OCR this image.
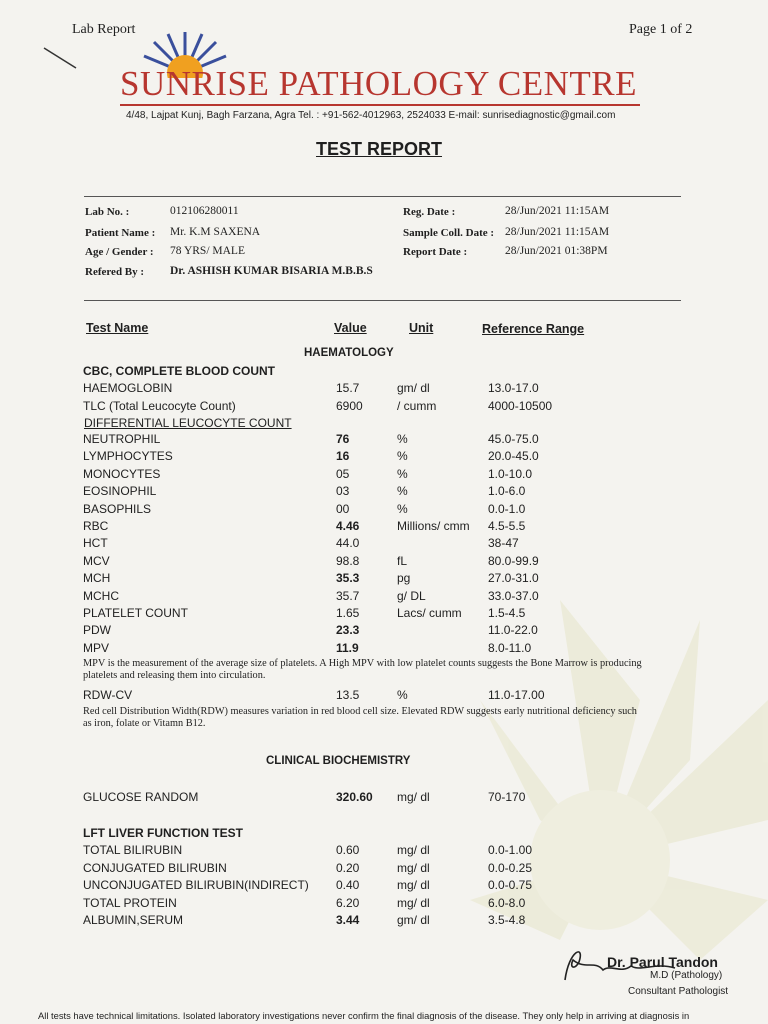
Lab Report	Page 1 of 2
SUNRISE PATHOLOGY CENTRE
4/48, Lajpat Kunj, Bagh Farzana, Agra Tel. : +91-562-4012963, 2524033 E-mail: sunrisediagnostic@gmail.com
TEST REPORT
Lab No. :	012106280011
Patient Name : Mr. K.M SAXENA
Age / Gender : 78 YRS/ MALE
Refered By : Dr. ASHISH KUMAR BISARIA M.B.B.S
Reg. Date :	28/Jun/2021 11:15AM
Sample Coll. Date : 28/Jun/2021 11:15AM
Report Date :	28/Jun/2021 01:38PM
Test Name	Value	Unit	Reference Range
HAEMATOLOGY
CBC, COMPLETE BLOOD COUNT
HAEMOGLOBIN	15.7	gm/ dl	13.0-17.0
TLC (Total Leucocyte Count)	6900	/ cumm	4000-10500
DIFFERENTIAL LEUCOCYTE COUNT
NEUTROPHIL	76	%	45.0-75.0
LYMPHOCYTES	16	%	20.0-45.0
MONOCYTES	05	%	1.0-10.0
EOSINOPHIL	03	%	1.0-6.0
BASOPHILS	00	%	0.0-1.0
RBC	4.46	Millions/ cmm 4.5-5.5
HCT	44.0	38-47
MCV	98.8	fL	80.0-99.9
MCH	35.3	pg	27.0-31.0
MCHC	35.7	g/ DL	33.0-37.0
PLATELET COUNT	1.65	Lacs/ cumm 1.5-4.5
PDW	23.3	11.0-22.0
MPV	11.9	8.0-11.0
MPV is the measurement of the average size of platelets. A High MPV with low platelet counts suggests the Bone Marrow is producing platelets and releasing them into circulation.
RDW-CV	13.5	%	11.0-17.00
Red cell Distribution Width(RDW) measures variation in red blood cell size. Elevated RDW suggests early nutritional deficiency such as iron, folate or Vitamn B12.
CLINICAL BIOCHEMISTRY
GLUCOSE RANDOM	320.60 mg/ dl	70-170
LFT LIVER FUNCTION TEST
TOTAL BILIRUBIN	0.60	mg/ dl	0.0-1.00
CONJUGATED BILIRUBIN	0.20	mg/ dl	0.0-0.25
UNCONJUGATED BILIRUBIN(INDIRECT) 0.40	mg/ dl	0.0-0.75
TOTAL PROTEIN	6.20	mg/ dl	6.0-8.0
ALBUMIN,SERUM	3.44	gm/ dl	3.5-4.8
Dr. Parul Tandon
M.D (Pathology)
Consultant Pathologist
All tests have technical limitations. Isolated laboratory investigations never confirm the final diagnosis of the disease. They only help in arriving at diagnosis in
